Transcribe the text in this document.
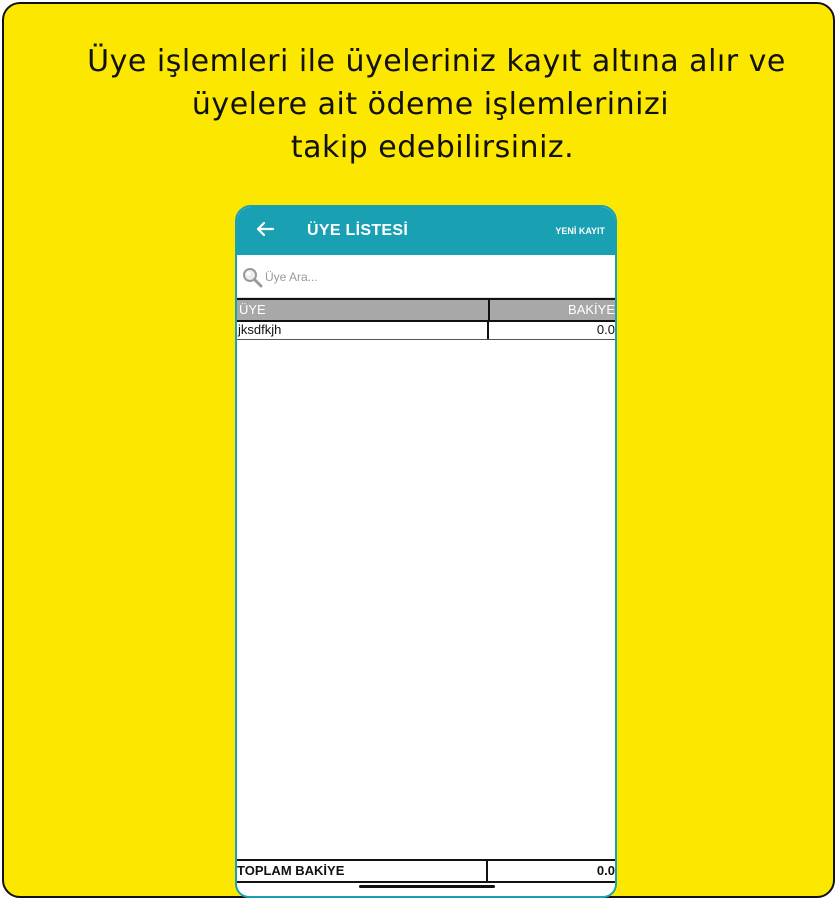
Üye işlemleri ile üyeleriniz kayıt altına alır ve
üyelere ait ödeme işlemlerinizi
takip edebilirsiniz.
ÜYE LİSTESİ	YENİ KAYIT
Üye Ara...
ÜYE	BAKİYE
jksdfkjh	0.0
TOPLAM BAKİYE	0.0
